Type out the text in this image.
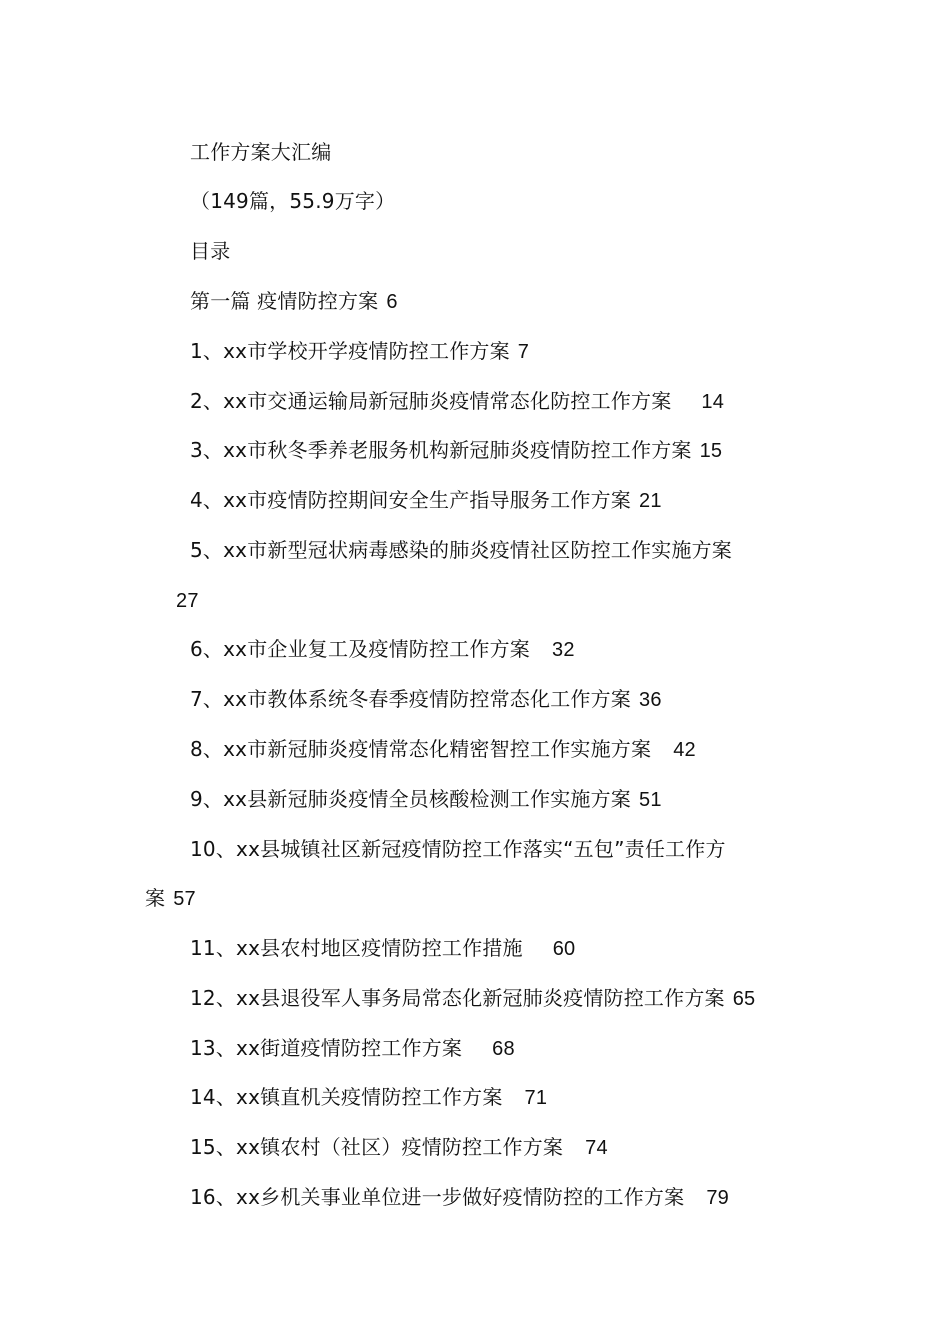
工作方案大汇编
（149篇，55.9万字）
目录
第一篇 疫情防控方案 6
1、xx市学校开学疫情防控工作方案 7
2、xx市交通运输局新冠肺炎疫情常态化防控工作方案 14
3、xx市秋冬季养老服务机构新冠肺炎疫情防控工作方案 15
4、xx市疫情防控期间安全生产指导服务工作方案 21
5、xx市新型冠状病毒感染的肺炎疫情社区防控工作实施方案
27
6、xx市企业复工及疫情防控工作方案 32
7、xx市教体系统冬春季疫情防控常态化工作方案 36
8、xx市新冠肺炎疫情常态化精密智控工作实施方案 42
9、xx县新冠肺炎疫情全员核酸检测工作实施方案 51
10、xx县城镇社区新冠疫情防控工作落实“五包”责任工作方
案 57
11、xx县农村地区疫情防控工作措施 60
12、xx县退役军人事务局常态化新冠肺炎疫情防控工作方案 65
13、xx街道疫情防控工作方案 68
14、xx镇直机关疫情防控工作方案 71
15、xx镇农村（社区）疫情防控工作方案 74
16、xx乡机关事业单位进一步做好疫情防控的工作方案 79
